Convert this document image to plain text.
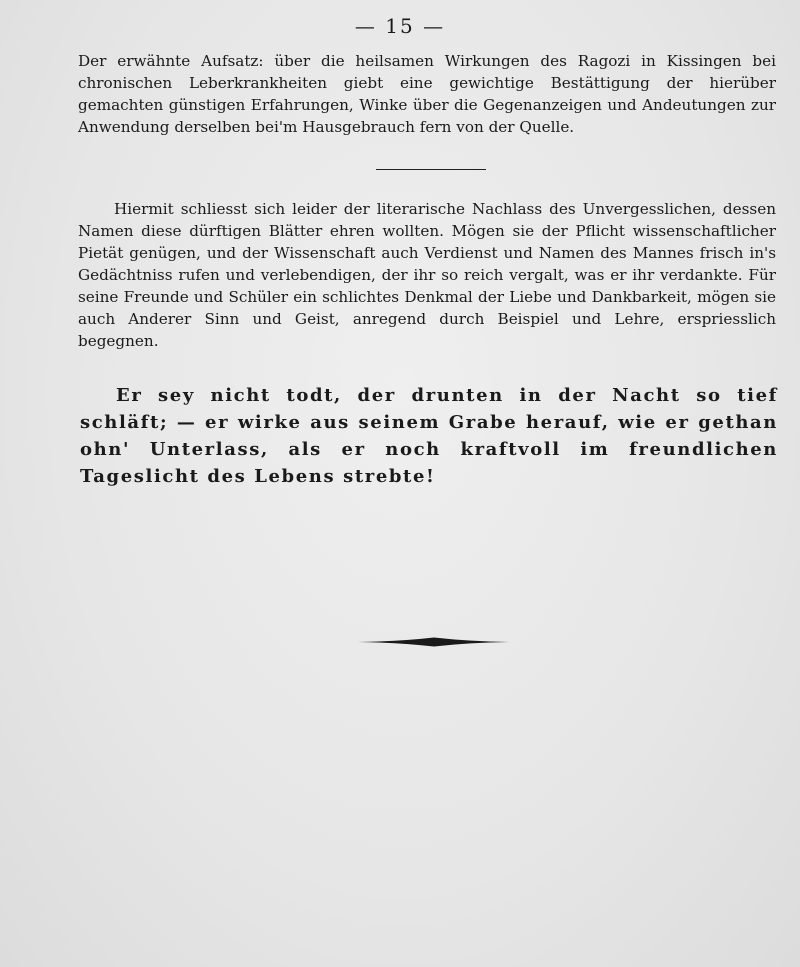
— 15 —
Der erwähnte Aufsatz: über die heilsamen Wirkungen des Ragozi in Kissingen bei chronischen Leberkrankheiten giebt eine gewichtige Bestättigung der hierüber gemachten günstigen Erfahrungen, Winke über die Gegenanzeigen und Andeutungen zur Anwendung derselben bei'm Hausgebrauch fern von der Quelle.
Hiermit schliesst sich leider der literarische Nachlass des Unvergesslichen, dessen Namen diese dürftigen Blätter ehren wollten. Mögen sie der Pflicht wissenschaftlicher Pietät genügen, und der Wissenschaft auch Verdienst und Namen des Mannes frisch in's Gedächtniss rufen und verlebendigen, der ihr so reich vergalt, was er ihr verdankte. Für seine Freunde und Schüler ein schlichtes Denkmal der Liebe und Dankbarkeit, mögen sie auch Anderer Sinn und Geist, anregend durch Beispiel und Lehre, erspriesslich begegnen.
Er sey nicht todt, der drunten in der Nacht so tief schläft; — er wirke aus seinem Grabe herauf, wie er gethan ohn' Unterlass, als er noch kraftvoll im freundlichen Tageslicht des Lebens strebte!
